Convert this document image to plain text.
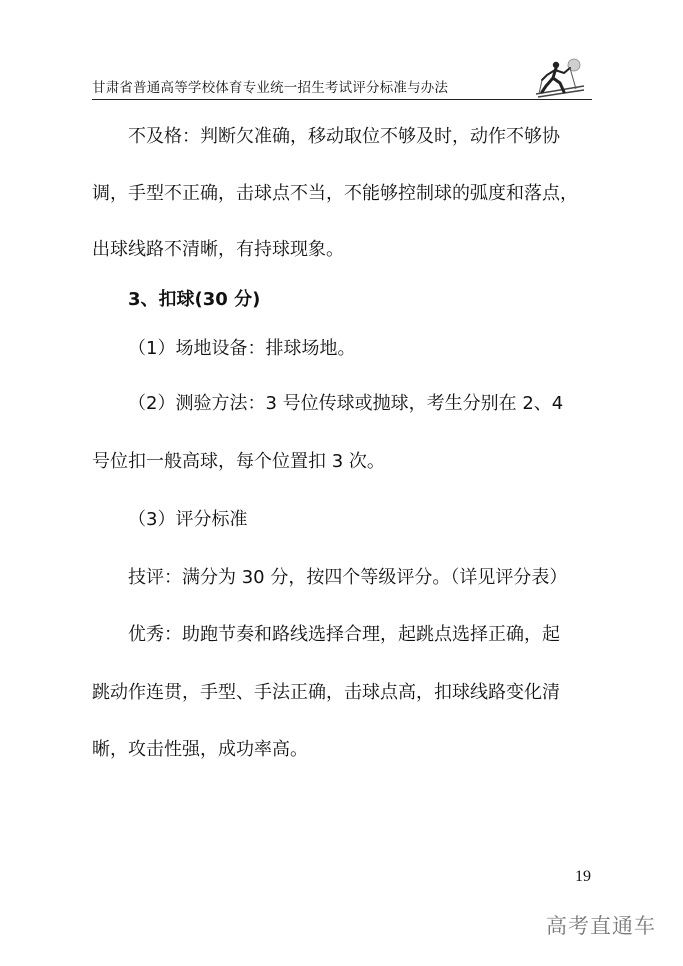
甘肃省普通高等学校体育专业统一招生考试评分标准与办法
不及格：判断欠准确，移动取位不够及时，动作不够协
调，手型不正确，击球点不当，不能够控制球的弧度和落点，
出球线路不清晰，有持球现象。
3、扣球(30 分)
（1）场地设备：排球场地。
（2）测验方法：3 号位传球或抛球，考生分别在 2、4
号位扣一般高球，每个位置扣 3 次。
（3）评分标准
技评：满分为 30 分，按四个等级评分。（详见评分表）
优秀：助跑节奏和路线选择合理，起跳点选择正确，起
跳动作连贯，手型、手法正确，击球点高，扣球线路变化清
晰，攻击性强，成功率高。
19
高考直通车
